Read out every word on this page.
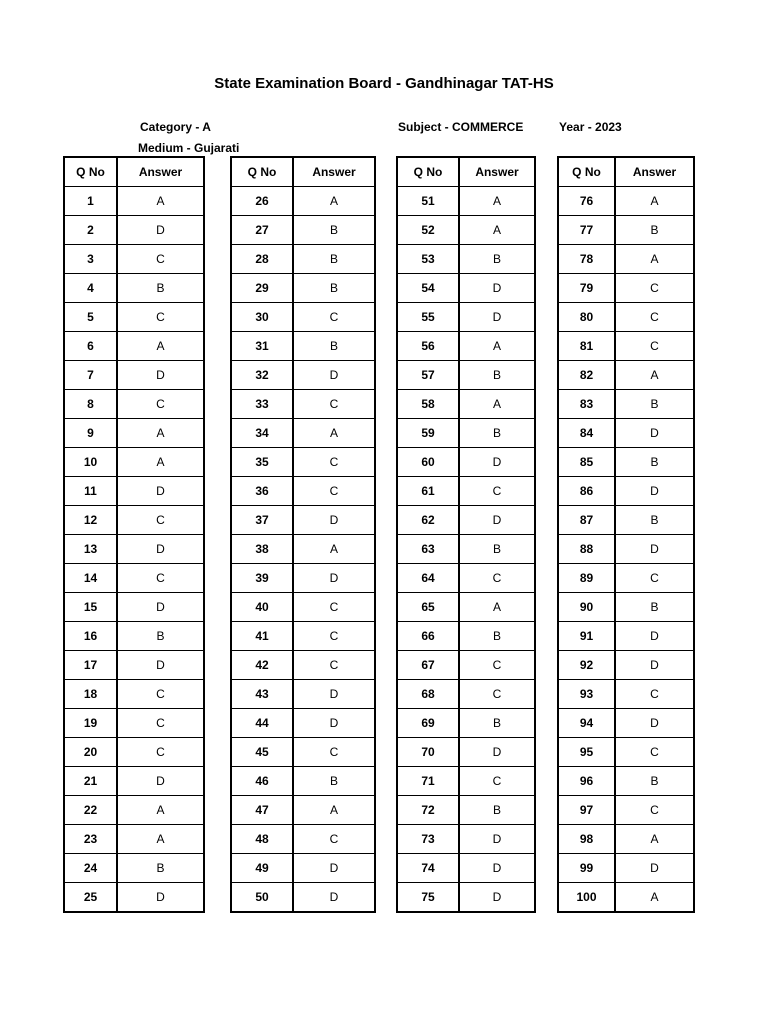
State Examination Board - Gandhinagar TAT-HS
Category - A
Medium - Gujarati
Subject - COMMERCE	Year - 2023
Q No	Answer
1	A
2	D
3	C
4	B
5	C
6	A
7	D
8	C
9	A
10	A
11	D
12	C
13	D
14	C
15	D
16	B
17	D
18	C
19	C
20	C
21	D
22	A
23	A
24	B
25	D
Q No	Answer
26	A
27	B
28	B
29	B
30	C
31	B
32	D
33	C
34	A
35	C
36	C
37	D
38	A
39	D
40	C
41	C
42	C
43	D
44	D
45	C
46	B
47	A
48	C
49	D
50	D
Q No	Answer
51	A
52	A
53	B
54	D
55	D
56	A
57	B
58	A
59	B
60	D
61	C
62	D
63	B
64	C
65	A
66	B
67	C
68	C
69	B
70	D
71	C
72	B
73	D
74	D
75	D
Q No	Answer
76	A
77	B
78	A
79	C
80	C
81	C
82	A
83	B
84	D
85	B
86	D
87	B
88	D
89	C
90	B
91	D
92	D
93	C
94	D
95	C
96	B
97	C
98	A
99	D
100	A
